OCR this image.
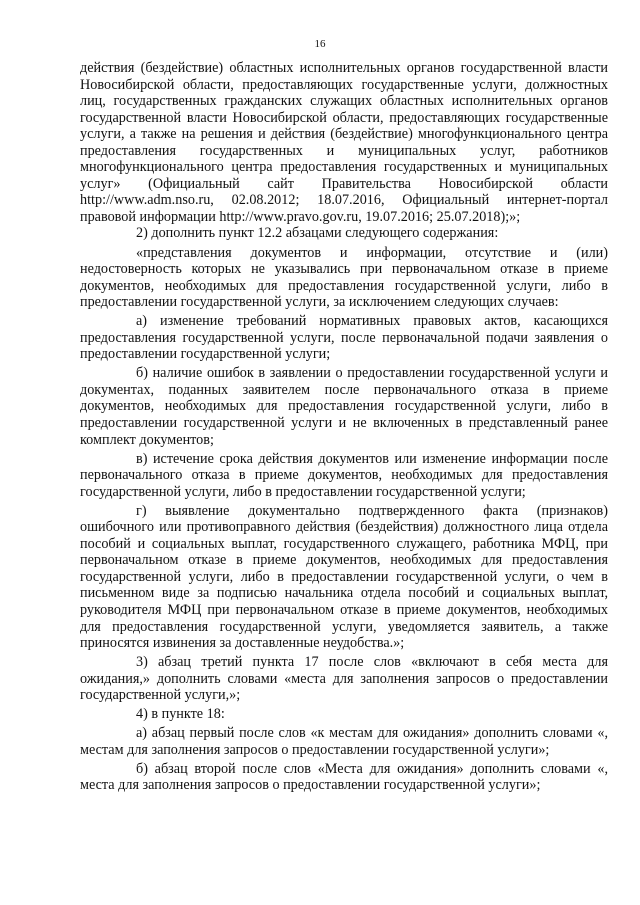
16

действия (бездействие) областных исполнительных органов государственной власти Новосибирской области, предоставляющих государственные услуги, должностных лиц, государственных гражданских служащих областных исполнительных органов государственной власти Новосибирской области, предоставляющих государственные услуги, а также на решения и действия (бездействие) многофункционального центра предоставления государственных и муниципальных услуг, работников многофункционального центра предоставления государственных и муниципальных услуг» (Официальный сайт Правительства Новосибирской области http://www.adm.nso.ru, 02.08.2012; 18.07.2016, Официальный интернет-портал правовой информации http://www.pravo.gov.ru, 19.07.2016; 25.07.2018);»;

2) дополнить пункт 12.2 абзацами следующего содержания:

«представления документов и информации, отсутствие и (или) недостоверность которых не указывались при первоначальном отказе в приеме документов, необходимых для предоставления государственной услуги, либо в предоставлении государственной услуги, за исключением следующих случаев:

а) изменение требований нормативных правовых актов, касающихся предоставления государственной услуги, после первоначальной подачи заявления о предоставлении государственной услуги;

б) наличие ошибок в заявлении о предоставлении государственной услуги и документах, поданных заявителем после первоначального отказа в приеме документов, необходимых для предоставления государственной услуги, либо в предоставлении государственной услуги и не включенных в представленный ранее комплект документов;

в) истечение срока действия документов или изменение информации после первоначального отказа в приеме документов, необходимых для предоставления государственной услуги, либо в предоставлении государственной услуги;

г) выявление документально подтвержденного факта (признаков) ошибочного или противоправного действия (бездействия) должностного лица отдела пособий и социальных выплат, государственного служащего, работника МФЦ, при первоначальном отказе в приеме документов, необходимых для предоставления государственной услуги, либо в предоставлении государственной услуги, о чем в письменном виде за подписью начальника отдела пособий и социальных выплат, руководителя МФЦ при первоначальном отказе в приеме документов, необходимых для предоставления государственной услуги, уведомляется заявитель, а также приносятся извинения за доставленные неудобства.»;

3) абзац третий пункта 17 после слов «включают в себя места для ожидания,» дополнить словами «места для заполнения запросов о предоставлении государственной услуги,»;

4) в пункте 18:

а) абзац первый после слов «к местам для ожидания» дополнить словами «, местам для заполнения запросов о предоставлении государственной услуги»;

б) абзац второй после слов «Места для ожидания» дополнить словами «, места для заполнения запросов о предоставлении государственной услуги»;
